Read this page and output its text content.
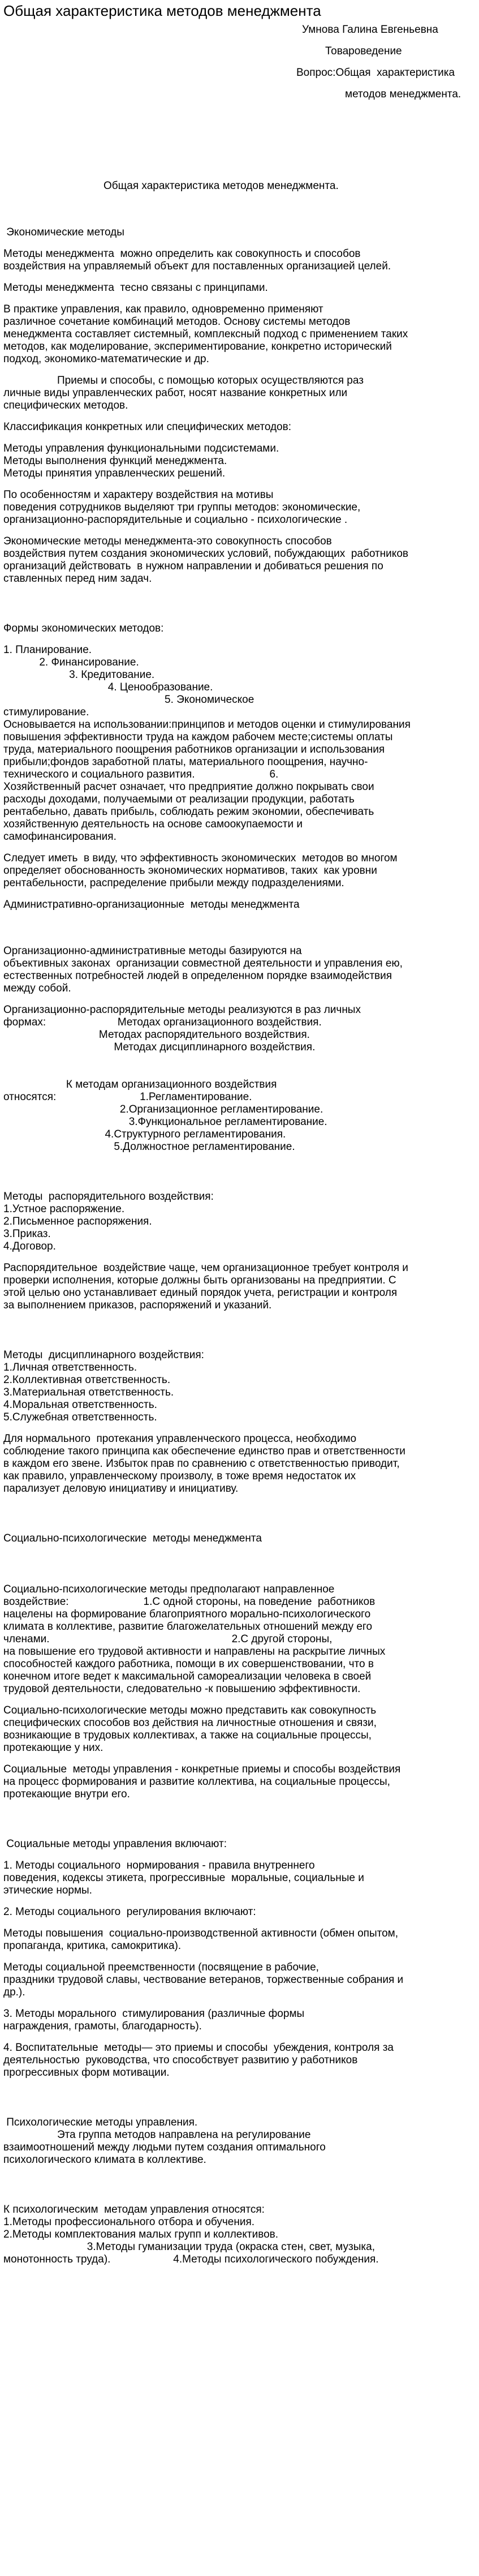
Общая характеристика методов менеджмента
Умнова Галина Евгеньевна
Товароведение
Вопрос:Общая  характеристика
методов менеджмента.
Общая характеристика методов менеджмента.
Экономические методы
Методы менеджмента  можно определить как совокупность и способов
воздействия на управляемый объект для поставленных организацией целей.
Методы менеджмента  тесно связаны с принципами.
В практике управления, как правило, одновременно применяют
различное сочетание комбинаций методов. Основу системы методов
менеджмента составляет системный, комплексный подход с применением таких
методов, как моделирование, экспериментирование, конкретно исторический
подход, экономико-математические и др.
Приемы и способы, с помощью которых осуществляются раз
личные виды управленческих работ, носят название конкретных или
специфических методов.
Классификация конкретных или специфических методов:
Методы управления функциональными подсистемами.
Методы выполнения функций менеджмента.
Методы принятия управленческих решений.
По особенностям и характеру воздействия на мотивы
поведения сотрудников выделяют три группы методов: экономические,
организационно-распорядительные и социально - психологические .
Экономические методы менеджмента-это совокупность способов
воздействия путем создания экономических условий, побуждающих  работников
организаций действовать  в нужном направлении и добиваться решения по
ставленных перед ним задач.
Формы экономических методов:
1. Планирование.
2. Финансирование.
3. Кредитование.
4. Ценообразование.
5. Экономическое
стимулирование.
Основывается на использовании:принципов и методов оценки и стимулирования
повышения эффективности труда на каждом рабочем месте;системы оплаты
труда, материального поощрения работников организации и использования
прибыли;фондов заработной платы, материального поощрения, научно-
технического и социального развития.                         6.
Хозяйственный расчет означает, что предприятие должно покрывать свои
расходы доходами, получаемыми от реализации продукции, работать
рентабельно, давать прибыль, соблюдать режим экономии, обеспечивать
хозяйственную деятельность на основе самоокупаемости и
самофинансирования.
Следует иметь  в виду, что эффективность экономических  методов во многом
определяет обоснованность экономических нормативов, таких  как уровни
рентабельности, распределение прибыли между подразделениями.
Административно-организационные  методы менеджмента
Организационно-административные методы базируются на
объективных законах  организации совместной деятельности и управления ею,
естественных потребностей людей в определенном порядке взаимодействия
между собой.
Организационно-распорядительные методы реализуются в раз личных
формах:                        Методах организационного воздействия.
Методах распорядительного воздействия.
Методах дисциплинарного воздействия.
К методам организационного воздействия
относятся:                            1.Регламентирование.
2.Организационное регламентирование.
3.Функциональное регламентирование.
4.Структурного регламентирования.
5.Должностное регламентирование.
Методы  распорядительного воздействия:
1.Устное распоряжение.
2.Письменное распоряжения.
3.Приказ.
4.Договор.
Распорядительное  воздействие чаще, чем организационное требует контроля и
проверки исполнения, которые должны быть организованы на предприятии. С
этой целью оно устанавливает единый порядок учета, регистрации и контроля
за выполнением приказов, распоряжений и указаний.
Методы  дисциплинарного воздействия:
1.Личная ответственность.
2.Коллективная ответственность.
3.Материальная ответственность.
4.Моральная ответственность.
5.Служебная ответственность.
Для нормального  протекания управленческого процесса, необходимо
соблюдение такого принципа как обеспечение единство прав и ответственности
в каждом его звене. Избыток прав по сравнению с ответственностью приводит,
как правило, управленческому произволу, в тоже время недостаток их
парализует деловую инициативу и инициативу.
Социально-психологические  методы менеджмента
Социально-психологические методы предполагают направленное
воздействие:                         1.С одной стороны, на поведение  работников
нацелены на формирование благоприятного морально-психологического
климата в коллективе, развитие благожелательных отношений между его
членами.                                                             2.С другой стороны,
на повышение его трудовой активности и направлены на раскрытие личных
способностей каждого работника, помощи в их совершенствовании, что в
конечном итоге ведет к максимальной самореализации человека в своей
трудовой деятельности, следовательно -к повышению эффективности.
Социально-психологические методы можно представить как совокупность
специфических способов воз действия на личностные отношения и связи,
возникающие в трудовых коллективах, а также на социальные процессы,
протекающие у них.
Социальные  методы управления - конкретные приемы и способы воздействия
на процесс формирования и развитие коллектива, на социальные процессы,
протекающие внутри его.
Социальные методы управления включают:
1. Методы социального  нормирования - правила внутреннего
поведения, кодексы этикета, прогрессивные  моральные, социальные и
этические нормы.
2. Методы социального  регулирования включают:
Методы повышения  социально-производственной активности (обмен опытом,
пропаганда, критика, самокритика).
Методы социальной преемственности (посвящение в рабочие,
праздники трудовой славы, чествование ветеранов, торжественные собрания и
др.).
3. Методы морального  стимулирования (различные формы
награждения, грамоты, благодарность).
4. Воспитательные  методы— это приемы и способы  убеждения, контроля за
деятельностью  руководства, что способствует развитию у работников
прогрессивных форм мотивации.
Психологические методы управления.
Эта группа методов направлена на регулирование
взаимоотношений между людьми путем создания оптимального
психологического климата в коллективе.
К психологическим  методам управления относятся:
1.Методы профессионального отбора и обучения.
2.Методы комплектования малых групп и коллективов.
3.Методы гуманизации труда (окраска стен, свет, музыка,
монотонность труда).                     4.Методы психологического побуждения.
